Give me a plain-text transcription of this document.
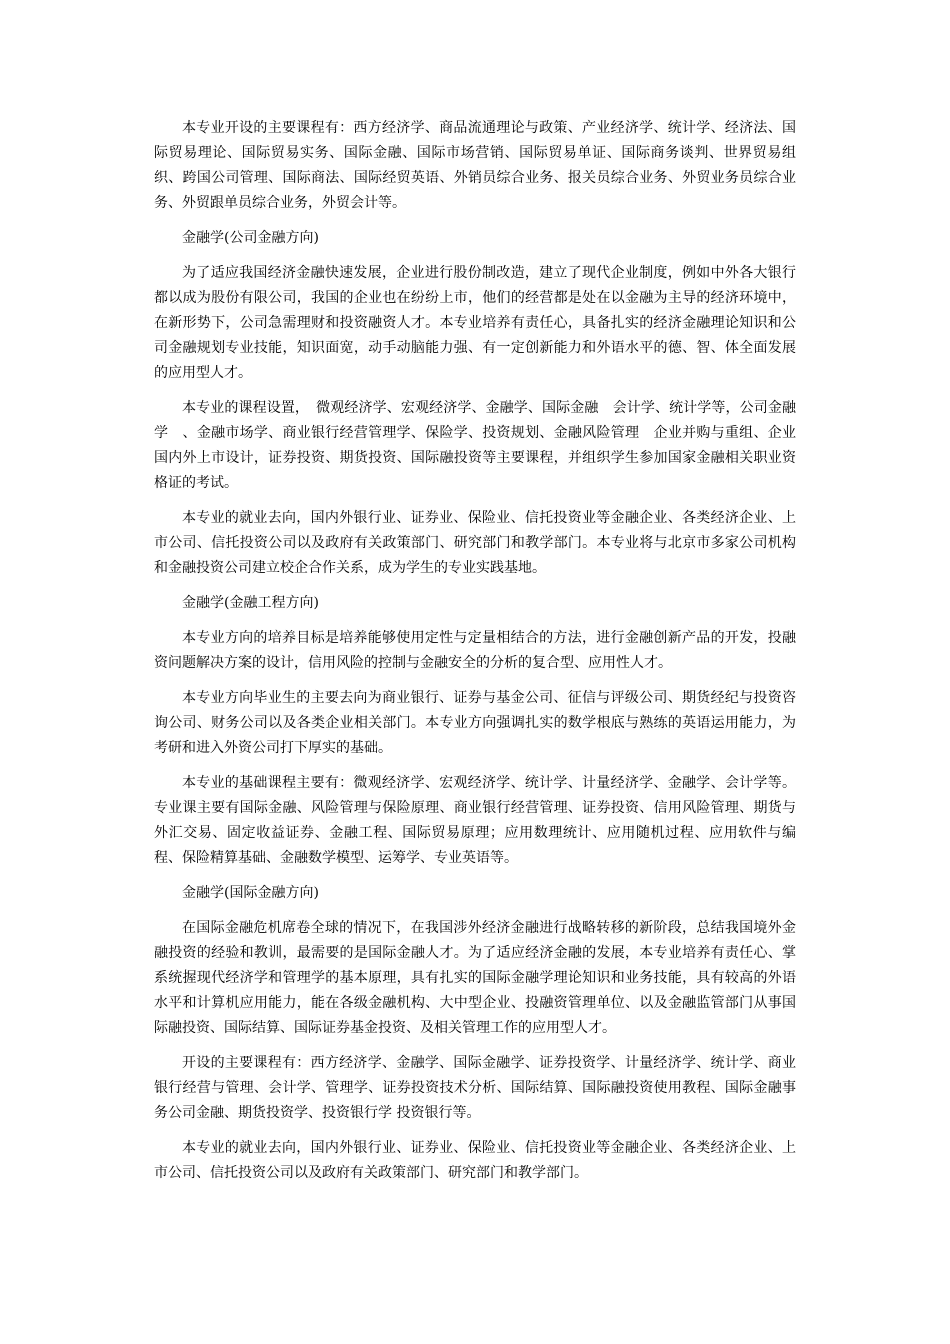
本专业开设的主要课程有：西方经济学、商品流通理论与政策、产业经济学、统计学、经济法、国际贸易理论、国际贸易实务、国际金融、国际市场营销、国际贸易单证、国际商务谈判、世界贸易组织、跨国公司管理、国际商法、国际经贸英语、外销员综合业务、报关员综合业务、外贸业务员综合业务、外贸跟单员综合业务，外贸会计等。

金融学(公司金融方向)

为了适应我国经济金融快速发展，企业进行股份制改造，建立了现代企业制度，例如中外各大银行都以成为股份有限公司，我国的企业也在纷纷上市，他们的经营都是处在以金融为主导的经济环境中，在新形势下，公司急需理财和投资融资人才。本专业培养有责任心，具备扎实的经济金融理论知识和公司金融规划专业技能，知识面宽，动手动脑能力强、有一定创新能力和外语水平的德、智、体全面发展的应用型人才。

本专业的课程设置，　微观经济学、宏观经济学、金融学、国际金融　会计学、统计学等，公司金融学　、金融市场学、商业银行经营管理学、保险学、投资规划、金融风险管理　企业并购与重组、企业国内外上市设计，证券投资、期货投资、国际融投资等主要课程，并组织学生参加国家金融相关职业资格证的考试。

本专业的就业去向，国内外银行业、证券业、保险业、信托投资业等金融企业、各类经济企业、上市公司、信托投资公司以及政府有关政策部门、研究部门和教学部门。本专业将与北京市多家公司机构和金融投资公司建立校企合作关系，成为学生的专业实践基地。

金融学(金融工程方向)

本专业方向的培养目标是培养能够使用定性与定量相结合的方法，进行金融创新产品的开发，投融资问题解决方案的设计，信用风险的控制与金融安全的分析的复合型、应用性人才。

本专业方向毕业生的主要去向为商业银行、证券与基金公司、征信与评级公司、期货经纪与投资咨询公司、财务公司以及各类企业相关部门。本专业方向强调扎实的数学根底与熟练的英语运用能力，为考研和进入外资公司打下厚实的基础。

本专业的基础课程主要有：微观经济学、宏观经济学、统计学、计量经济学、金融学、会计学等。专业课主要有国际金融、风险管理与保险原理、商业银行经营管理、证券投资、信用风险管理、期货与外汇交易、固定收益证券、金融工程、国际贸易原理；应用数理统计、应用随机过程、应用软件与编程、保险精算基础、金融数学模型、运筹学、专业英语等。

金融学(国际金融方向)

在国际金融危机席卷全球的情况下，在我国涉外经济金融进行战略转移的新阶段，总结我国境外金融投资的经验和教训，最需要的是国际金融人才。为了适应经济金融的发展，本专业培养有责任心、掌系统握现代经济学和管理学的基本原理，具有扎实的国际金融学理论知识和业务技能，具有较高的外语水平和计算机应用能力，能在各级金融机构、大中型企业、投融资管理单位、以及金融监管部门从事国际融投资、国际结算、国际证券基金投资、及相关管理工作的应用型人才。

开设的主要课程有：西方经济学、金融学、国际金融学、证券投资学、计量经济学、统计学、商业银行经营与管理、会计学、管理学、证券投资技术分析、国际结算、国际融投资使用教程、国际金融事务公司金融、期货投资学、投资银行学 投资银行等。

本专业的就业去向，国内外银行业、证券业、保险业、信托投资业等金融企业、各类经济企业、上市公司、信托投资公司以及政府有关政策部门、研究部门和教学部门。
